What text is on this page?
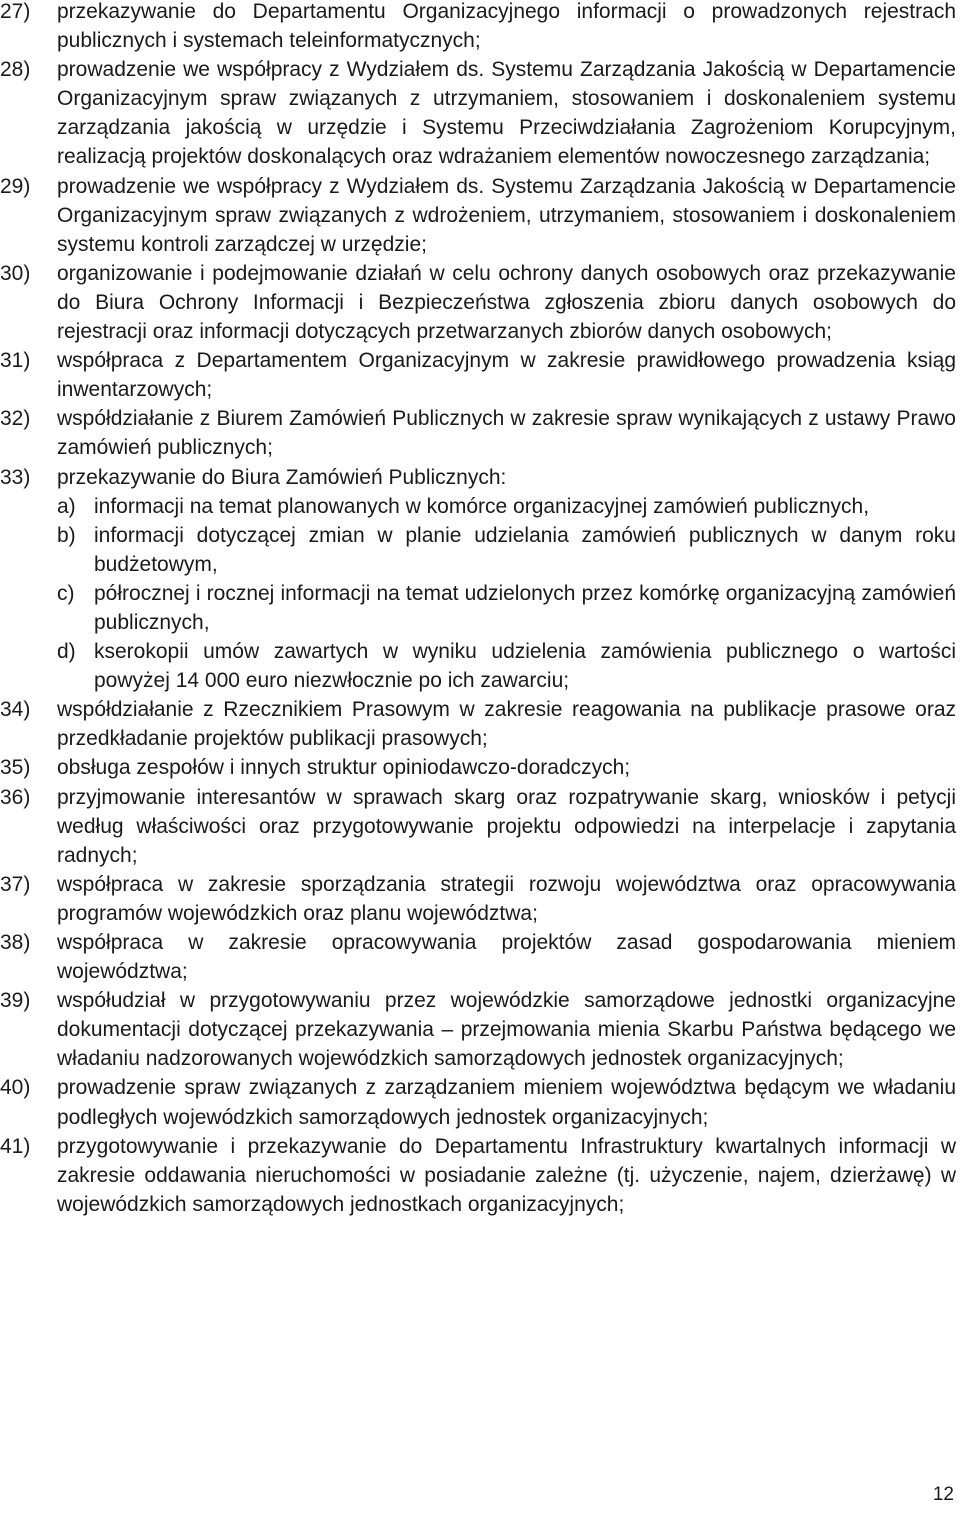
27)	przekazywanie do Departamentu Organizacyjnego informacji o prowadzonych rejestrach publicznych i systemach teleinformatycznych;
28)	prowadzenie we współpracy z Wydziałem ds. Systemu Zarządzania Jakością w Departamencie Organizacyjnym spraw związanych z utrzymaniem, stosowaniem i doskonaleniem systemu zarządzania jakością w urzędzie i Systemu Przeciwdziałania Zagrożeniom Korupcyjnym, realizacją projektów doskonalących oraz wdrażaniem elementów nowoczesnego zarządzania;
29)	prowadzenie we współpracy z Wydziałem ds. Systemu Zarządzania Jakością w Departamencie Organizacyjnym spraw związanych z wdrożeniem, utrzymaniem, stosowaniem i doskonaleniem systemu kontroli zarządczej w urzędzie;
30)	organizowanie i podejmowanie działań w celu ochrony danych osobowych oraz przekazywanie do Biura Ochrony Informacji i Bezpieczeństwa zgłoszenia zbioru danych osobowych do rejestracji oraz informacji dotyczących przetwarzanych zbiorów danych osobowych;
31)	współpraca z Departamentem Organizacyjnym w zakresie prawidłowego prowadzenia ksiąg inwentarzowych;
32)	współdziałanie z Biurem Zamówień Publicznych w zakresie spraw wynikających z ustawy Prawo zamówień publicznych;
33)	przekazywanie do Biura Zamówień Publicznych:
a) informacji na temat planowanych w komórce organizacyjnej zamówień publicznych,
b) informacji dotyczącej zmian w planie udzielania zamówień publicznych w danym roku budżetowym,
c) półrocznej i rocznej informacji na temat udzielonych przez komórkę organizacyjną zamówień publicznych,
d) kserokopii umów zawartych w wyniku udzielenia zamówienia publicznego o wartości powyżej 14 000 euro niezwłocznie po ich zawarciu;
34)	współdziałanie z Rzecznikiem Prasowym w zakresie reagowania na publikacje prasowe oraz przedkładanie projektów publikacji prasowych;
35)	obsługa zespołów i innych struktur opiniodawczo-doradczych;
36)	przyjmowanie interesantów w sprawach skarg oraz rozpatrywanie skarg, wniosków i petycji według właściwości oraz przygotowywanie projektu odpowiedzi na interpelacje i zapytania radnych;
37)	współpraca w zakresie sporządzania strategii rozwoju województwa oraz opracowywania programów wojewódzkich oraz planu województwa;
38)	współpraca w zakresie opracowywania projektów zasad gospodarowania mieniem województwa;
39)	współudział w przygotowywaniu przez wojewódzkie samorządowe jednostki organizacyjne dokumentacji dotyczącej przekazywania – przejmowania mienia Skarbu Państwa będącego we władaniu nadzorowanych wojewódzkich samorządowych jednostek organizacyjnych;
40)	prowadzenie spraw związanych z zarządzaniem mieniem województwa będącym we władaniu podległych wojewódzkich samorządowych jednostek organizacyjnych;
41)	przygotowywanie i przekazywanie do Departamentu Infrastruktury kwartalnych informacji w zakresie oddawania nieruchomości w posiadanie zależne (tj. użyczenie, najem, dzierżawę) w wojewódzkich samorządowych jednostkach organizacyjnych;
12
